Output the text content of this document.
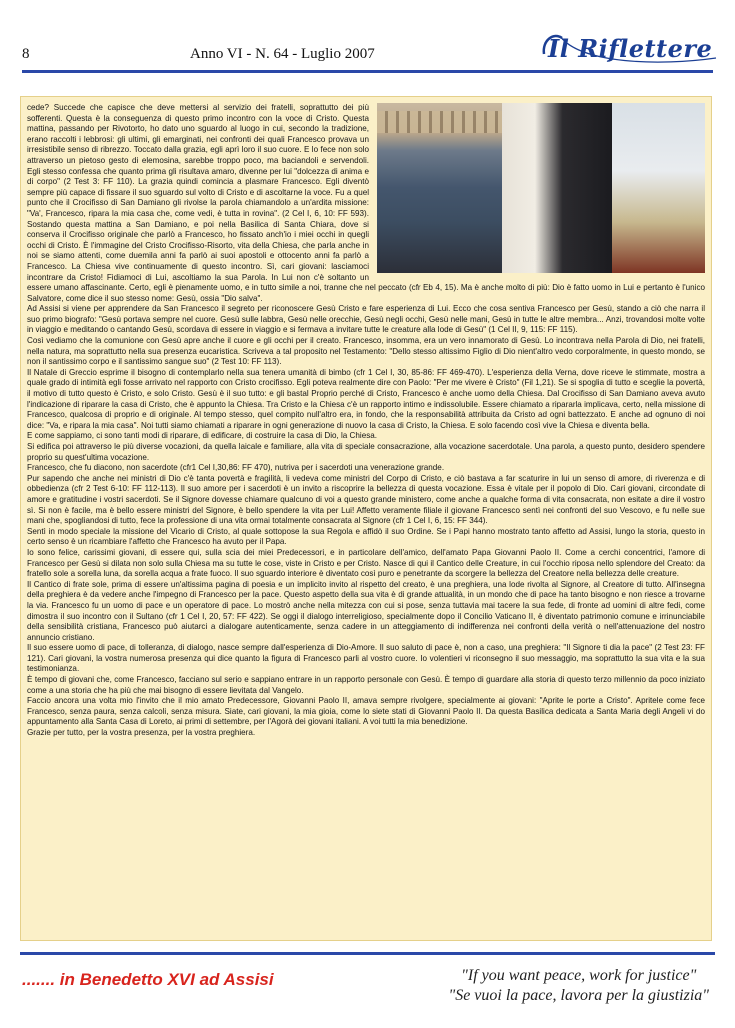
8	Anno VI - N. 64 - Luglio 2007	Il Riflettere

cede? Succede che capisce che deve mettersi al servizio dei fratelli, soprattutto dei più sofferenti. Questa è la conseguenza di questo primo incontro con la voce di Cristo. Questa mattina, passando per Rivotorto, ho dato uno sguardo al luogo in cui, secondo la tradizione, erano raccolti i lebbrosi: gli ultimi, gli emarginati, nei confronti dei quali Francesco provava un irresistibile senso di ribrezzo. Toccato dalla grazia, egli aprì loro il suo cuore. E lo fece non solo attraverso un pietoso gesto di elemosina, sarebbe troppo poco, ma baciandoli e servendoli. Egli stesso confessa che quanto prima gli risultava amaro, divenne per lui "dolcezza di anima e di corpo" (2 Test 3: FF 110). La grazia quindi comincia a plasmare Francesco. Egli diventò sempre più capace di fissare il suo sguardo sul volto di Cristo e di ascoltarne la voce. Fu a quel punto che il Crocifisso di San Damiano gli rivolse la parola chiamandolo a un'ardita missione: "Va', Francesco, ripara la mia casa che, come vedi, è tutta in rovina". (2 Cel I, 6, 10: FF 593). Sostando questa mattina a San Damiano, e poi nella Basilica di Santa Chiara, dove si conserva il Crocifisso originale che parlò a Francesco, ho fissato anch'io i miei occhi in quegli occhi di Cristo. È l'immagine del Cristo Crocifisso-Risorto, vita della Chiesa, che parla anche in noi se siamo attenti, come duemila anni fa parlò ai suoi apostoli e ottocento anni fa parlò a Francesco. La Chiesa vive continuamente di questo incontro. Sì, cari giovani: lasciamoci incontrare da Cristo! Fidiamoci di Lui, ascoltiamo la sua Parola. In Lui non c'è soltanto un essere umano affascinante. Certo, egli è pienamente uomo, e in tutto simile a noi, tranne che nel peccato (cfr Eb 4, 15). Ma è anche molto di più: Dio è fatto uomo in Lui e pertanto è l'unico Salvatore, come dice il suo stesso nome: Gesù, ossia "Dio salva".

Ad Assisi si viene per apprendere da San Francesco il segreto per riconoscere Gesù Cristo e fare esperienza di Lui. Ecco che cosa sentiva Francesco per Gesù, stando a ciò che narra il suo primo biografo: "Gesù portava sempre nel cuore. Gesù sulle labbra, Gesù nelle orecchie, Gesù negli occhi, Gesù nelle mani, Gesù in tutte le altre membra... Anzi, trovandosi molte volte in viaggio e meditando o cantando Gesù, scordava di essere in viaggio e si fermava a invitare tutte le creature alla lode di Gesù" (1 Cel II, 9, 115: FF 115).

Così vediamo che la comunione con Gesù apre anche il cuore e gli occhi per il creato. Francesco, insomma, era un vero innamorato di Gesù. Lo incontrava nella Parola di Dio, nei fratelli, nella natura, ma soprattutto nella sua presenza eucaristica. Scriveva a tal proposito nel Testamento: "Dello stesso altissimo Figlio di Dio nient'altro vedo corporalmente, in questo mondo, se non il santissimo corpo e il santissimo sangue suo" (2 Test 10: FF 113).

Il Natale di Greccio esprime il bisogno di contemplarlo nella sua tenera umanità di bimbo (cfr 1 Cel I, 30, 85-86: FF 469-470). L'esperienza della Verna, dove riceve le stimmate, mostra a quale grado di intimità egli fosse arrivato nel rapporto con Cristo crocifisso. Egli poteva realmente dire con Paolo: "Per me vivere è Cristo" (Fil 1,21). Se si spoglia di tutto e sceglie la povertà, il motivo di tutto questo è Cristo, e solo Cristo. Gesù è il suo tutto: e gli bastal Proprio perché di Cristo, Francesco è anche uomo della Chiesa. Dal Crocifisso di San Damiano aveva avuto l'indicazione di riparare la casa di Cristo, che è appunto la Chiesa. Tra Cristo e la Chiesa c'è un rapporto intimo e indissolubile. Essere chiamato a ripararla implicava, certo, nella missione di Francesco, qualcosa di proprio e di originale. Al tempo stesso, quel compito null'altro era, in fondo, che la responsabilità attribuita da Cristo ad ogni battezzato. E anche ad ognuno di noi dice: "Va, e ripara la mia casa". Noi tutti siamo chiamati a riparare in ogni generazione di nuovo la casa di Cristo, la Chiesa. E solo facendo così vive la Chiesa e diventa bella.

E come sappiamo, ci sono tanti modi di riparare, di edificare, di costruire la casa di Dio, la Chiesa.

Si edifica poi attraverso le più diverse vocazioni, da quella laicale e familiare, alla vita di speciale consacrazione, alla vocazione sacerdotale. Una parola, a questo punto, desidero spendere proprio su quest'ultima vocazione.

Francesco, che fu diacono, non sacerdote (cfr1 Cel I,30,86: FF 470), nutriva per i sacerdoti una venerazione grande.

Pur sapendo che anche nei ministri di Dio c'è tanta povertà e fragilità, li vedeva come ministri del Corpo di Cristo, e ciò bastava a far scaturire in lui un senso di amore, di riverenza e di obbedienza (cfr 2 Test 6-10: FF 112-113). Il suo amore per i sacerdoti è un invito a riscoprire la bellezza di questa vocazione. Essa è vitale per il popolo di Dio. Cari giovani, circondate di amore e gratitudine i vostri sacerdoti. Se il Signore dovesse chiamare qualcuno di voi a questo grande ministero, come anche a qualche forma di vita consacrata, non esitate a dire il vostro sì. Si non è facile, ma è bello essere ministri del Signore, è bello spendere la vita per Lui! Affetto veramente filiale il giovane Francesco sentì nei confronti del suo Vescovo, e fu nelle sue mani che, spogliandosi di tutto, fece la professione di una vita ormai totalmente consacrata al Signore (cfr 1 Cel I, 6, 15: FF 344).

Sentì in modo speciale la missione del Vicario di Cristo, al quale sottopose la sua Regola e affidò il suo Ordine. Se i Papi hanno mostrato tanto affetto ad Assisi, lungo la storia, questo in certo senso è un ricambiare l'affetto che Francesco ha avuto per il Papa.

Io sono felice, carissimi giovani, di essere qui, sulla scia dei miei Predecessori, e in particolare dell'amico, dell'amato Papa Giovanni Paolo II. Come a cerchi concentrici, l'amore di Francesco per Gesù si dilata non solo sulla Chiesa ma su tutte le cose, viste in Cristo e per Cristo. Nasce di qui il Cantico delle Creature, in cui l'occhio riposa nello splendore del Creato: da fratello sole a sorella luna, da sorella acqua a frate fuoco. Il suo sguardo interiore è diventato così puro e penetrante da scorgere la bellezza del Creatore nella bellezza delle creature.

Il Cantico di frate sole, prima di essere un'altissima pagina di poesia e un implicito invito al rispetto del creato, è una preghiera, una lode rivolta al Signore, al Creatore di tutto. All'insegna della preghiera è da vedere anche l'impegno di Francesco per la pace. Questo aspetto della sua vita è di grande attualità, in un mondo che di pace ha tanto bisogno e non riesce a trovarne la via. Francesco fu un uomo di pace e un operatore di pace. Lo mostrò anche nella mitezza con cui si pose, senza tuttavia mai tacere la sua fede, di fronte ad uomini di altre fedi, come dimostra il suo incontro con il Sultano (cfr 1 Cel I, 20, 57: FF 422). Se oggi il dialogo interreligioso, specialmente dopo il Concilio Vaticano II, è diventato patrimonio comune e irrinunciabile della sensibilità cristiana, Francesco può aiutarci a dialogare autenticamente, senza cadere in un atteggiamento di indifferenza nei confronti della verità o nell'attenuazione del nostro annuncio cristiano.

Il suo essere uomo di pace, di tolleranza, di dialogo, nasce sempre dall'esperienza di Dio-Amore. Il suo saluto di pace è, non a caso, una preghiera: "Il Signore ti dia la pace" (2 Test 23: FF 121). Cari giovani, la vostra numerosa presenza qui dice quanto la figura di Francesco parli al vostro cuore. Io volentieri vi riconsegno il suo messaggio, ma soprattutto la sua vita e la sua testimonianza.

È tempo di giovani che, come Francesco, facciano sul serio e sappiano entrare in un rapporto personale con Gesù. È tempo di guardare alla storia di questo terzo millennio da poco iniziato come a una storia che ha più che mai bisogno di essere lievitata dal Vangelo.

Faccio ancora una volta mio l'invito che il mio amato Predecessore, Giovanni Paolo II, amava sempre rivolgere, specialmente ai giovani: "Aprite le porte a Cristo". Apritele come fece Francesco, senza paura, senza calcoli, senza misura. Siate, cari giovani, la mia gioia, come lo siete stati di Giovanni Paolo II. Da questa Basilica dedicata a Santa Maria degli Angeli vi do appuntamento alla Santa Casa di Loreto, ai primi di settembre, per l'Agorà dei giovani italiani. A voi tutti la mia benedizione.

Grazie per tutto, per la vostra presenza, per la vostra preghiera.

....... in Benedetto XVI ad Assisi	"If you want peace, work for justice"
"Se vuoi la pace, lavora per la giustizia"
